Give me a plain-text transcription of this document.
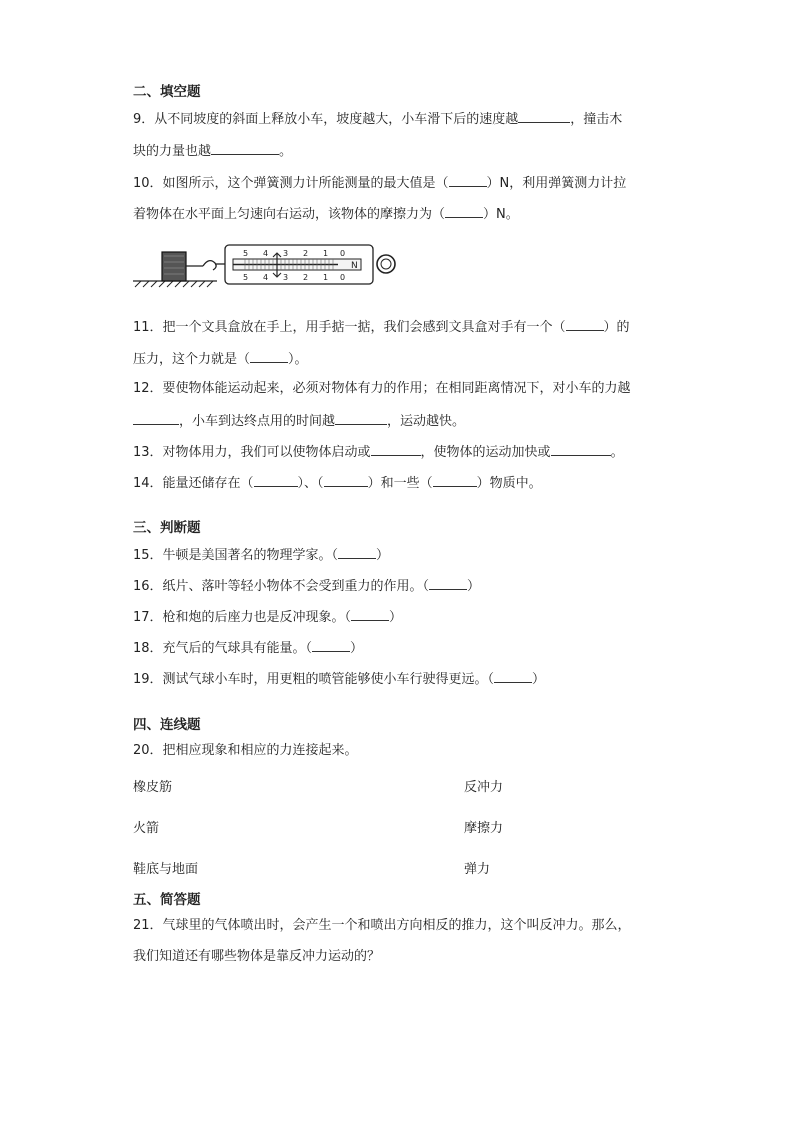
二、填空题
9．从不同坡度的斜面上释放小车，坡度越大，小车滑下后的速度越	，撞击木
块的力量也越	。
10．如图所示，这个弹簧测力计所能测量的最大值是（	）N，利用弹簧测力计拉
着物体在水平面上匀速向右运动，该物体的摩擦力为（	）N。
5 4 3 2 1 0
5 4 3 2 1 0
N
11．把一个文具盒放在手上，用手掂一掂，我们会感到文具盒对手有一个（	）的
压力，这个力就是（	）。
12．要使物体能运动起来，必须对物体有力的作用；在相同距离情况下，对小车的力越
，小车到达终点用的时间越	，运动越快。
13．对物体用力，我们可以使物体启动或	，使物体的运动加快或	。
14．能量还储存在（	）、（	）和一些（	）物质中。
三、判断题
15．牛顿是美国著名的物理学家。（	）
16．纸片、落叶等轻小物体不会受到重力的作用。（	）
17．枪和炮的后座力也是反冲现象。（	）
18．充气后的气球具有能量。（	）
19．测试气球小车时，用更粗的喷管能够使小车行驶得更远。（	）
四、连线题
20．把相应现象和相应的力连接起来。
橡皮筋
火箭
鞋底与地面
反冲力
摩擦力
弹力
五、简答题
21．气球里的气体喷出时，会产生一个和喷出方向相反的推力，这个叫反冲力。那么，
我们知道还有哪些物体是靠反冲力运动的？
